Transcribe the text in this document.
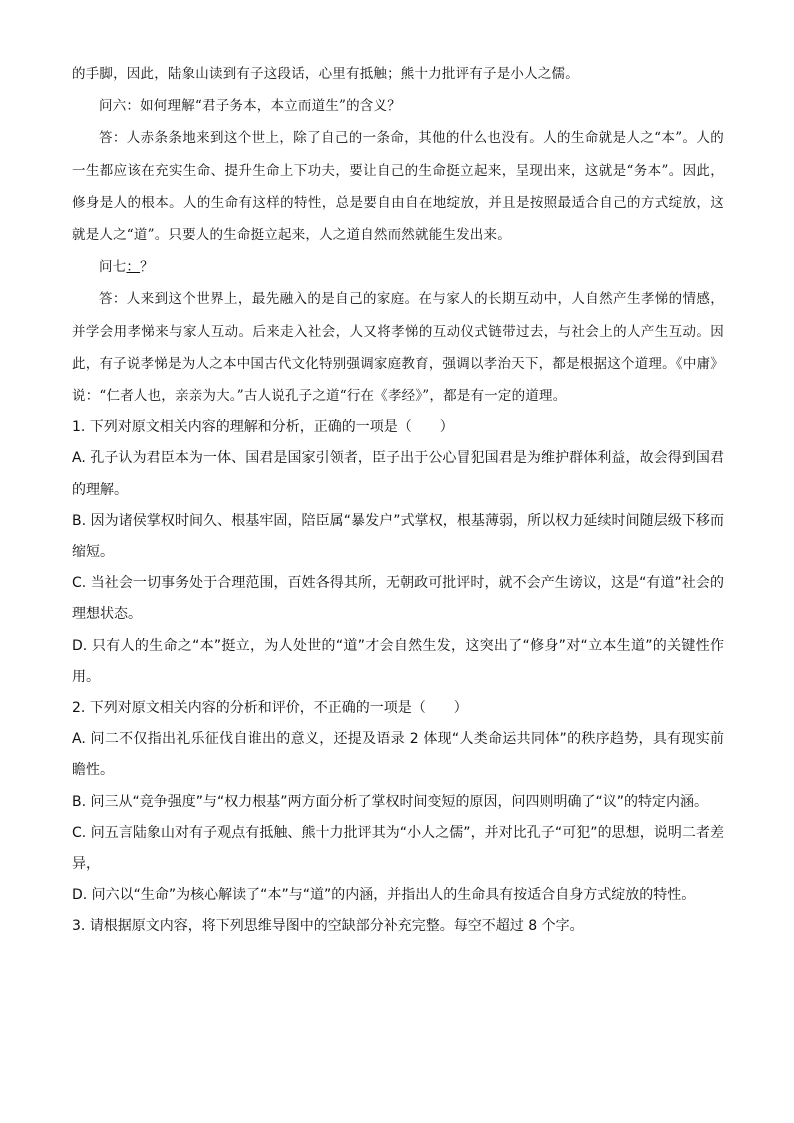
的手脚，因此，陆象山读到有子这段话，心里有抵触；熊十力批评有子是小人之儒。

问六：如何理解“君子务本，本立而道生”的含义？

答：人赤条条地来到这个世上，除了自己的一条命，其他的什么也没有。人的生命就是人之“本”。人的一生都应该在充实生命、提升生命上下功夫，要让自己的生命挺立起来，呈现出来，这就是“务本”。因此，修身是人的根本。人的生命有这样的特性，总是要自由自在地绽放，并且是按照最适合自己的方式绽放，这就是人之“道”。只要人的生命挺立起来，人之道自然而然就能生发出来。

问七：？

答：人来到这个世界上，最先融入的是自己的家庭。在与家人的长期互动中，人自然产生孝悌的情感，并学会用孝悌来与家人互动。后来走入社会，人又将孝悌的互动仪式链带过去，与社会上的人产生互动。因此，有子说孝悌是为人之本中国古代文化特别强调家庭教育，强调以孝治天下，都是根据这个道理。《中庸》说：“仁者人也，亲亲为大。”古人说孔子之道“行在《孝经》”，都是有一定的道理。

1. 下列对原文相关内容的理解和分析，正确的一项是（　　）

A. 孔子认为君臣本为一体、国君是国家引领者，臣子出于公心冒犯国君是为维护群体利益，故会得到国君的理解。

B. 因为诸侯掌权时间久、根基牢固，陪臣属“暴发户”式掌权，根基薄弱，所以权力延续时间随层级下移而缩短。

C. 当社会一切事务处于合理范围，百姓各得其所，无朝政可批评时，就不会产生谤议，这是“有道”社会的理想状态。

D. 只有人的生命之“本”挺立，为人处世的“道”才会自然生发，这突出了“修身”对“立本生道”的关键性作用。

2. 下列对原文相关内容的分析和评价，不正确的一项是（　　）

A. 问二不仅指出礼乐征伐自谁出的意义，还提及语录 2 体现“人类命运共同体”的秩序趋势，具有现实前瞻性。

B. 问三从“竞争强度”与“权力根基”两方面分析了掌权时间变短的原因，问四则明确了“议”的特定内涵。

C. 问五言陆象山对有子观点有抵触、熊十力批评其为“小人之儒”，并对比孔子“可犯”的思想，说明二者差异，

D. 问六以“生命”为核心解读了“本”与“道”的内涵，并指出人的生命具有按适合自身方式绽放的特性。

3. 请根据原文内容，将下列思维导图中的空缺部分补充完整。每空不超过 8 个字。
